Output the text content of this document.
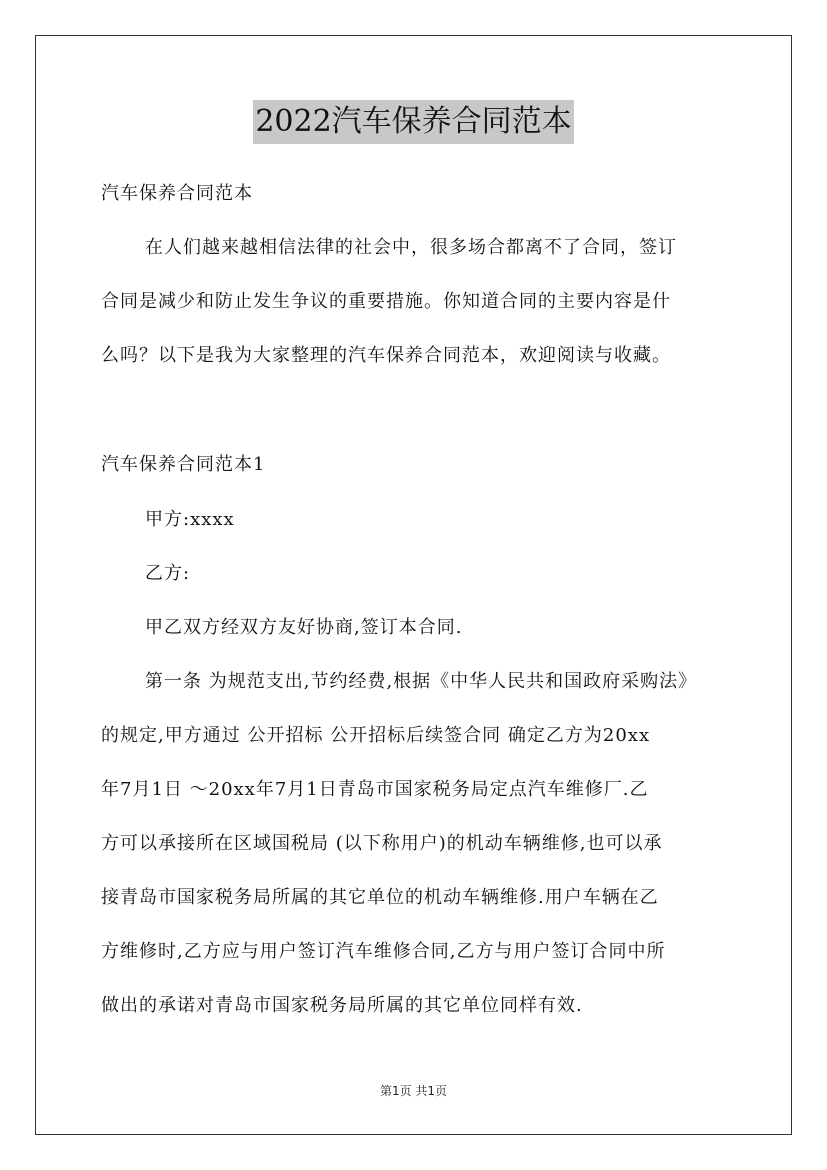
2022汽车保养合同范本
汽车保养合同范本
在人们越来越相信法律的社会中，很多场合都离不了合同，签订
合同是减少和防止发生争议的重要措施。你知道合同的主要内容是什
么吗？以下是我为大家整理的汽车保养合同范本，欢迎阅读与收藏。
汽车保养合同范本1
甲方:xxxx
乙方:
甲乙双方经双方友好协商,签订本合同.
第一条 为规范支出,节约经费,根据《中华人民共和国政府采购法》
的规定,甲方通过 公开招标 公开招标后续签合同 确定乙方为20xx
年7月1日 ～20xx年7月1日青岛市国家税务局定点汽车维修厂.乙
方可以承接所在区域国税局 (以下称用户)的机动车辆维修,也可以承
接青岛市国家税务局所属的其它单位的机动车辆维修.用户车辆在乙
方维修时,乙方应与用户签订汽车维修合同,乙方与用户签订合同中所
做出的承诺对青岛市国家税务局所属的其它单位同样有效.
第1页 共1页
